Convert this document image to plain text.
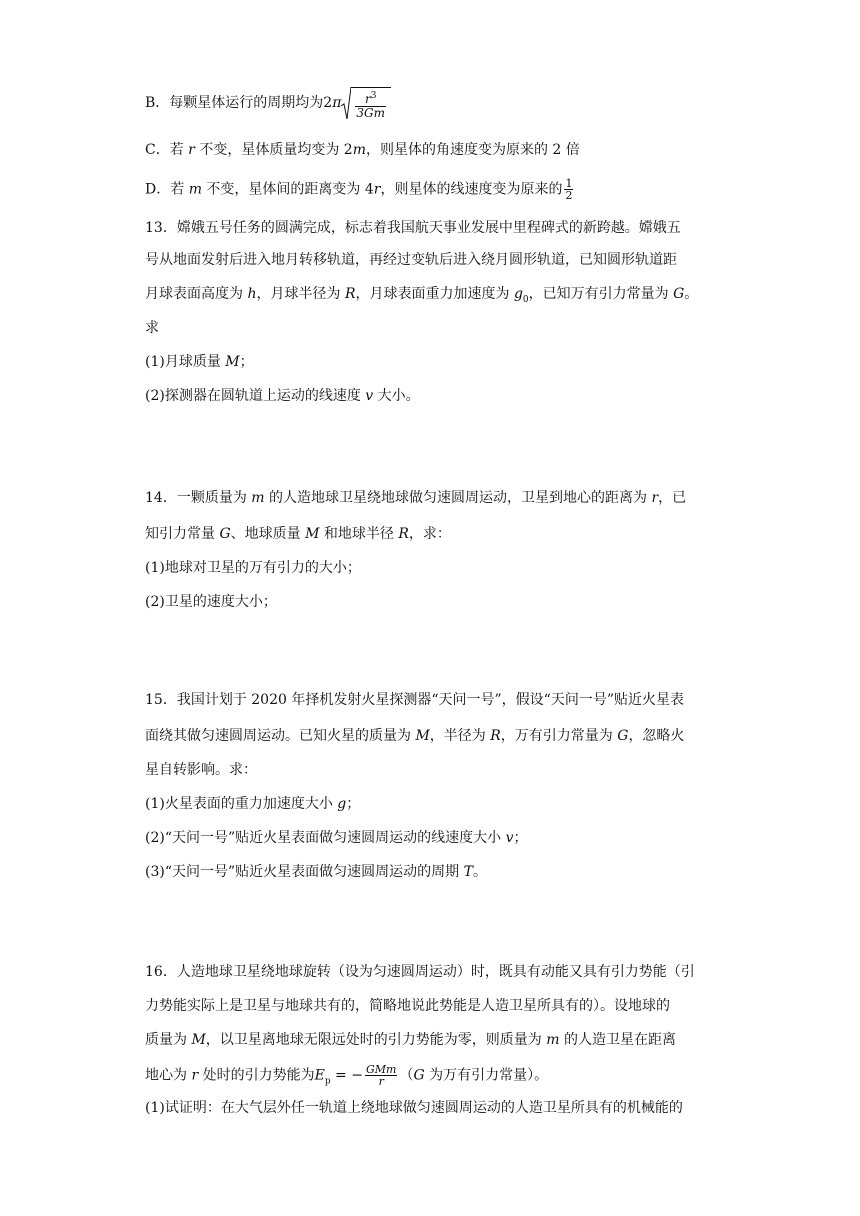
B．每颗星体运行的周期均为$2\pi \frac{r^3}{3Gm}$
C．若 r 不变，星体质量均变为 2m，则星体的角速度变为原来的 2 倍
D．若 m 不变，星体间的距离变为 4r，则星体的线速度变为原来的 $\frac{1}{2}$
13．嫦娥五号任务的圆满完成，标志着我国航天事业发展中里程碑式的新跨越。嫦娥五
号从地面发射后进入地月转移轨道，再经过变轨后进入绕月圆形轨道，已知圆形轨道距
月球表面高度为 h，月球半径为 R，月球表面重力加速度为 $g_0$，已知万有引力常量为 G。
求
(1)月球质量 M；
(2)探测器在圆轨道上运动的线速度 v 大小。
14．一颗质量为 m 的人造地球卫星绕地球做匀速圆周运动，卫星到地心的距离为 r，已
知引力常量 G、地球质量 M 和地球半径 R，求：
(1)地球对卫星的万有引力的大小；
(2)卫星的速度大小；
15．我国计划于 2020 年择机发射火星探测器“天问一号”，假设“天问一号”贴近火星表
面绕其做匀速圆周运动。已知火星的质量为 M，半径为 R，万有引力常量为 G，忽略火
星自转影响。求：
(1)火星表面的重力加速度大小 g；
(2)“天问一号”贴近火星表面做匀速圆周运动的线速度大小 v；
(3)“天问一号”贴近火星表面做匀速圆周运动的周期 T。
16．人造地球卫星绕地球旋转（设为匀速圆周运动）时，既具有动能又具有引力势能（引
力势能实际上是卫星与地球共有的，简略地说此势能是人造卫星所具有的）。设地球的
质量为 M，以卫星离地球无限远处时的引力势能为零，则质量为 m 的人造卫星在距离
地心为 r 处时的引力势能为$E_p$ = − $\frac{\text{GMm}}{r} (G$ 为万有引力常量）。
(1)试证明：在大气层外任一轨道上绕地球做匀速圆周运动的人造卫星所具有的机械能的
